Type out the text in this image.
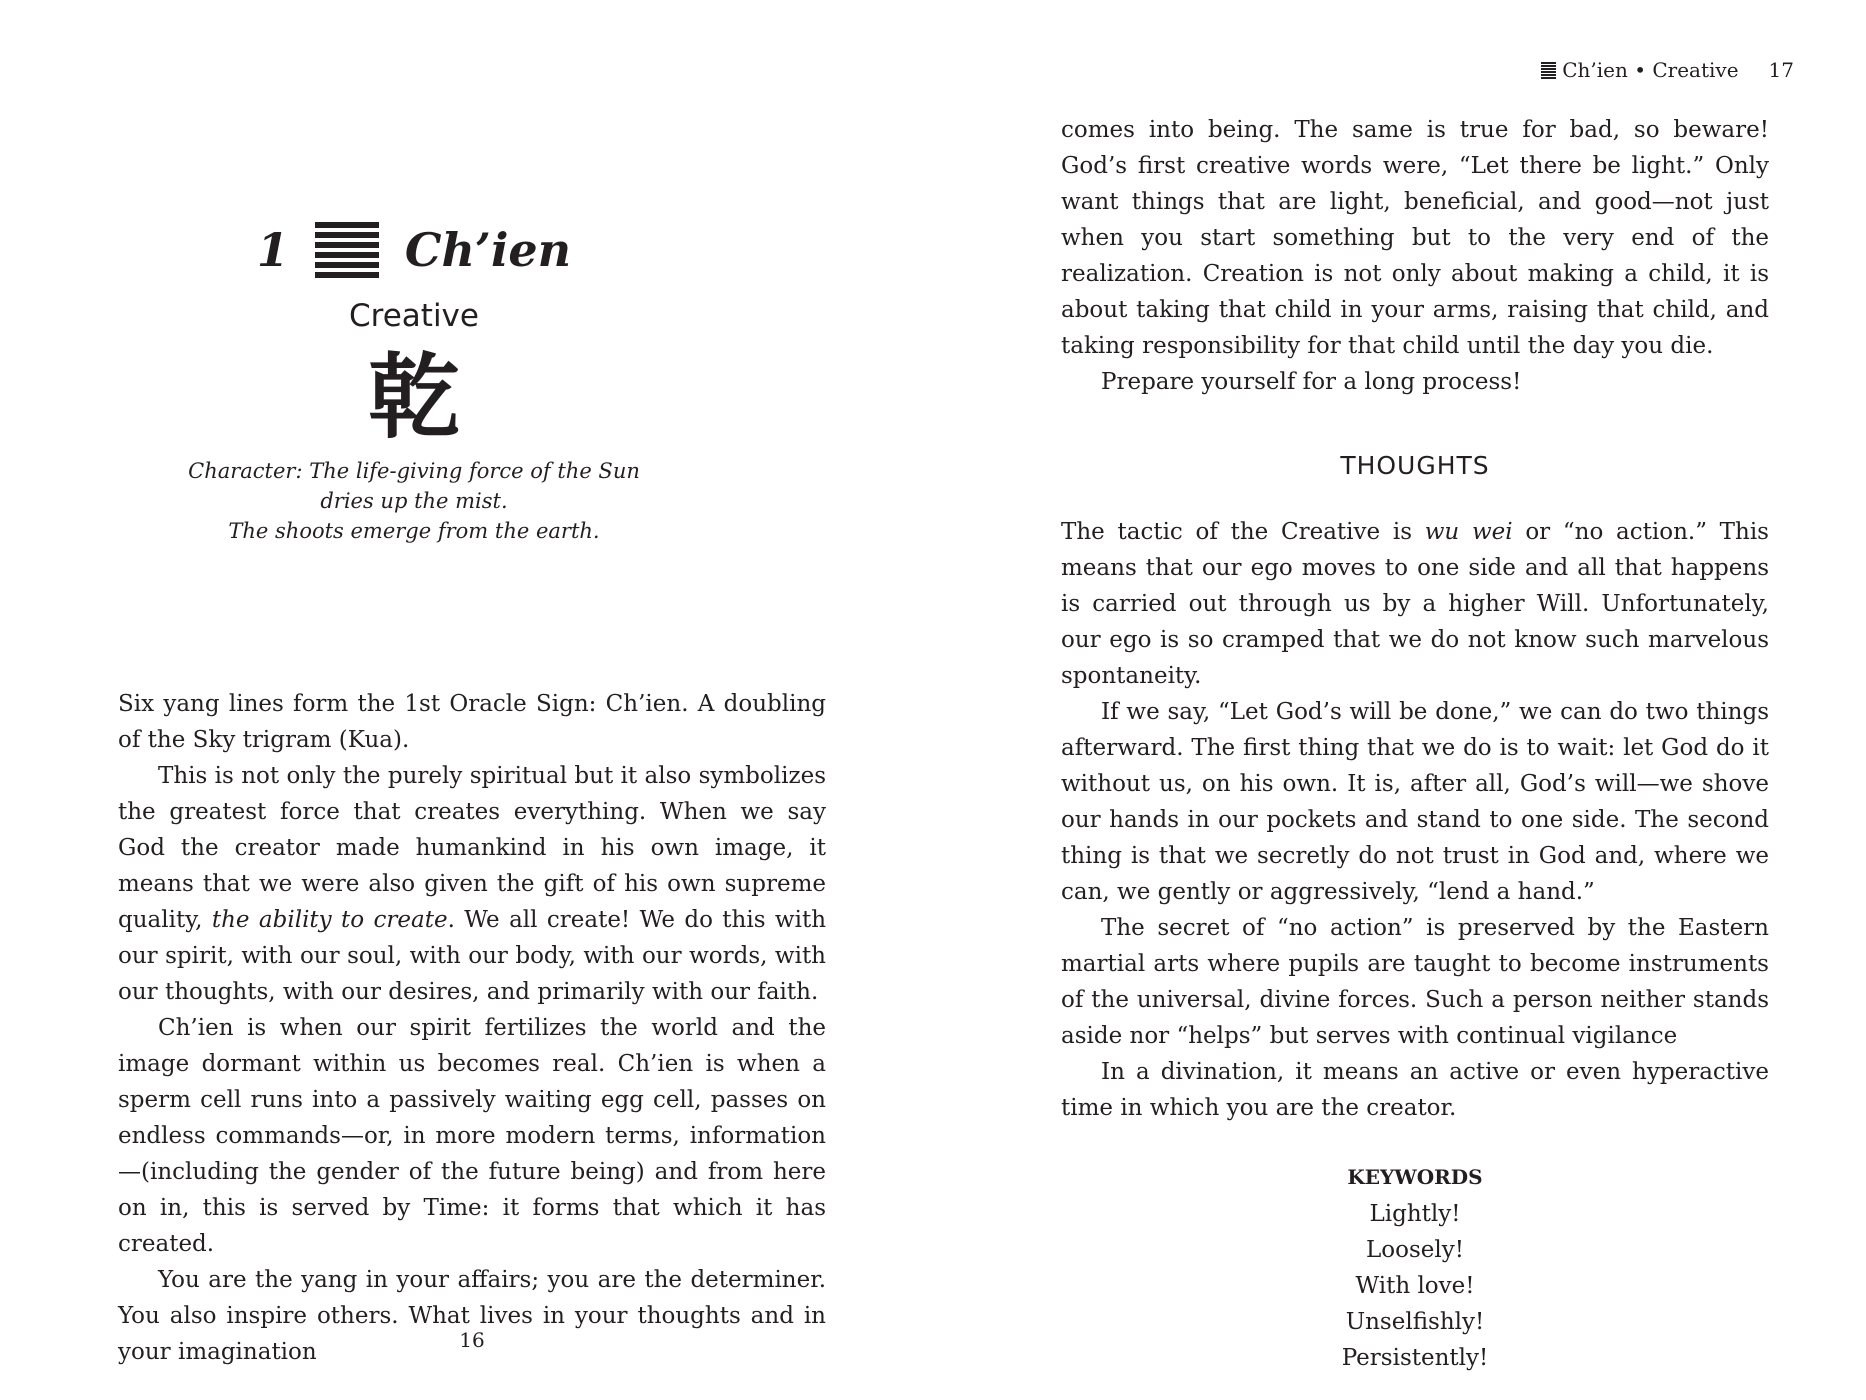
1	Ch’ien
Creative
乾
Character: The life-giving force of the Sun
dries up the mist.
The shoots emerge from the earth.

Six yang lines form the 1st Oracle Sign: Ch’ien. A doubling of the Sky trigram (Kua).

This is not only the purely spiritual but it also symbolizes the greatest force that creates everything. When we say God the creator made humankind in his own image, it means that we were also given the gift of his own supreme quality, the ability to create. We all create! We do this with our spirit, with our soul, with our body, with our words, with our thoughts, with our desires, and primarily with our faith.

Ch’ien is when our spirit fertilizes the world and the image dormant within us becomes real. Ch’ien is when a sperm cell runs into a passively waiting egg cell, passes on endless commands—or, in more modern terms, information—(including the gender of the future being) and from here on in, this is served by Time: it forms that which it has created.

You are the yang in your affairs; you are the determiner. You also inspire others. What lives in your thoughts and in your imagination	16
Ch’ien • Creative 17

comes into being. The same is true for bad, so beware! God’s first creative words were, “Let there be light.” Only want things that are light, beneficial, and good—not just when you start something but to the very end of the realization. Creation is not only about making a child, it is about taking that child in your arms, raising that child, and taking responsibility for that child until the day you die.

Prepare yourself for a long process!

THOUGHTS

The tactic of the Creative is wu wei or “no action.” This means that our ego moves to one side and all that happens is carried out through us by a higher Will. Unfortunately, our ego is so cramped that we do not know such marvelous spontaneity.

If we say, “Let God’s will be done,” we can do two things afterward. The first thing that we do is to wait: let God do it without us, on his own. It is, after all, God’s will—we shove our hands in our pockets and stand to one side. The second thing is that we secretly do not trust in God and, where we can, we gently or aggressively, “lend a hand.”

The secret of “no action” is preserved by the Eastern martial arts where pupils are taught to become instruments of the universal, divine forces. Such a person neither stands aside nor “helps” but serves with continual vigilance

In a divination, it means an active or even hyperactive time in which you are the creator.

KEYWORDS
Lightly!
Loosely!
With love!
Unselfishly!
Persistently!
